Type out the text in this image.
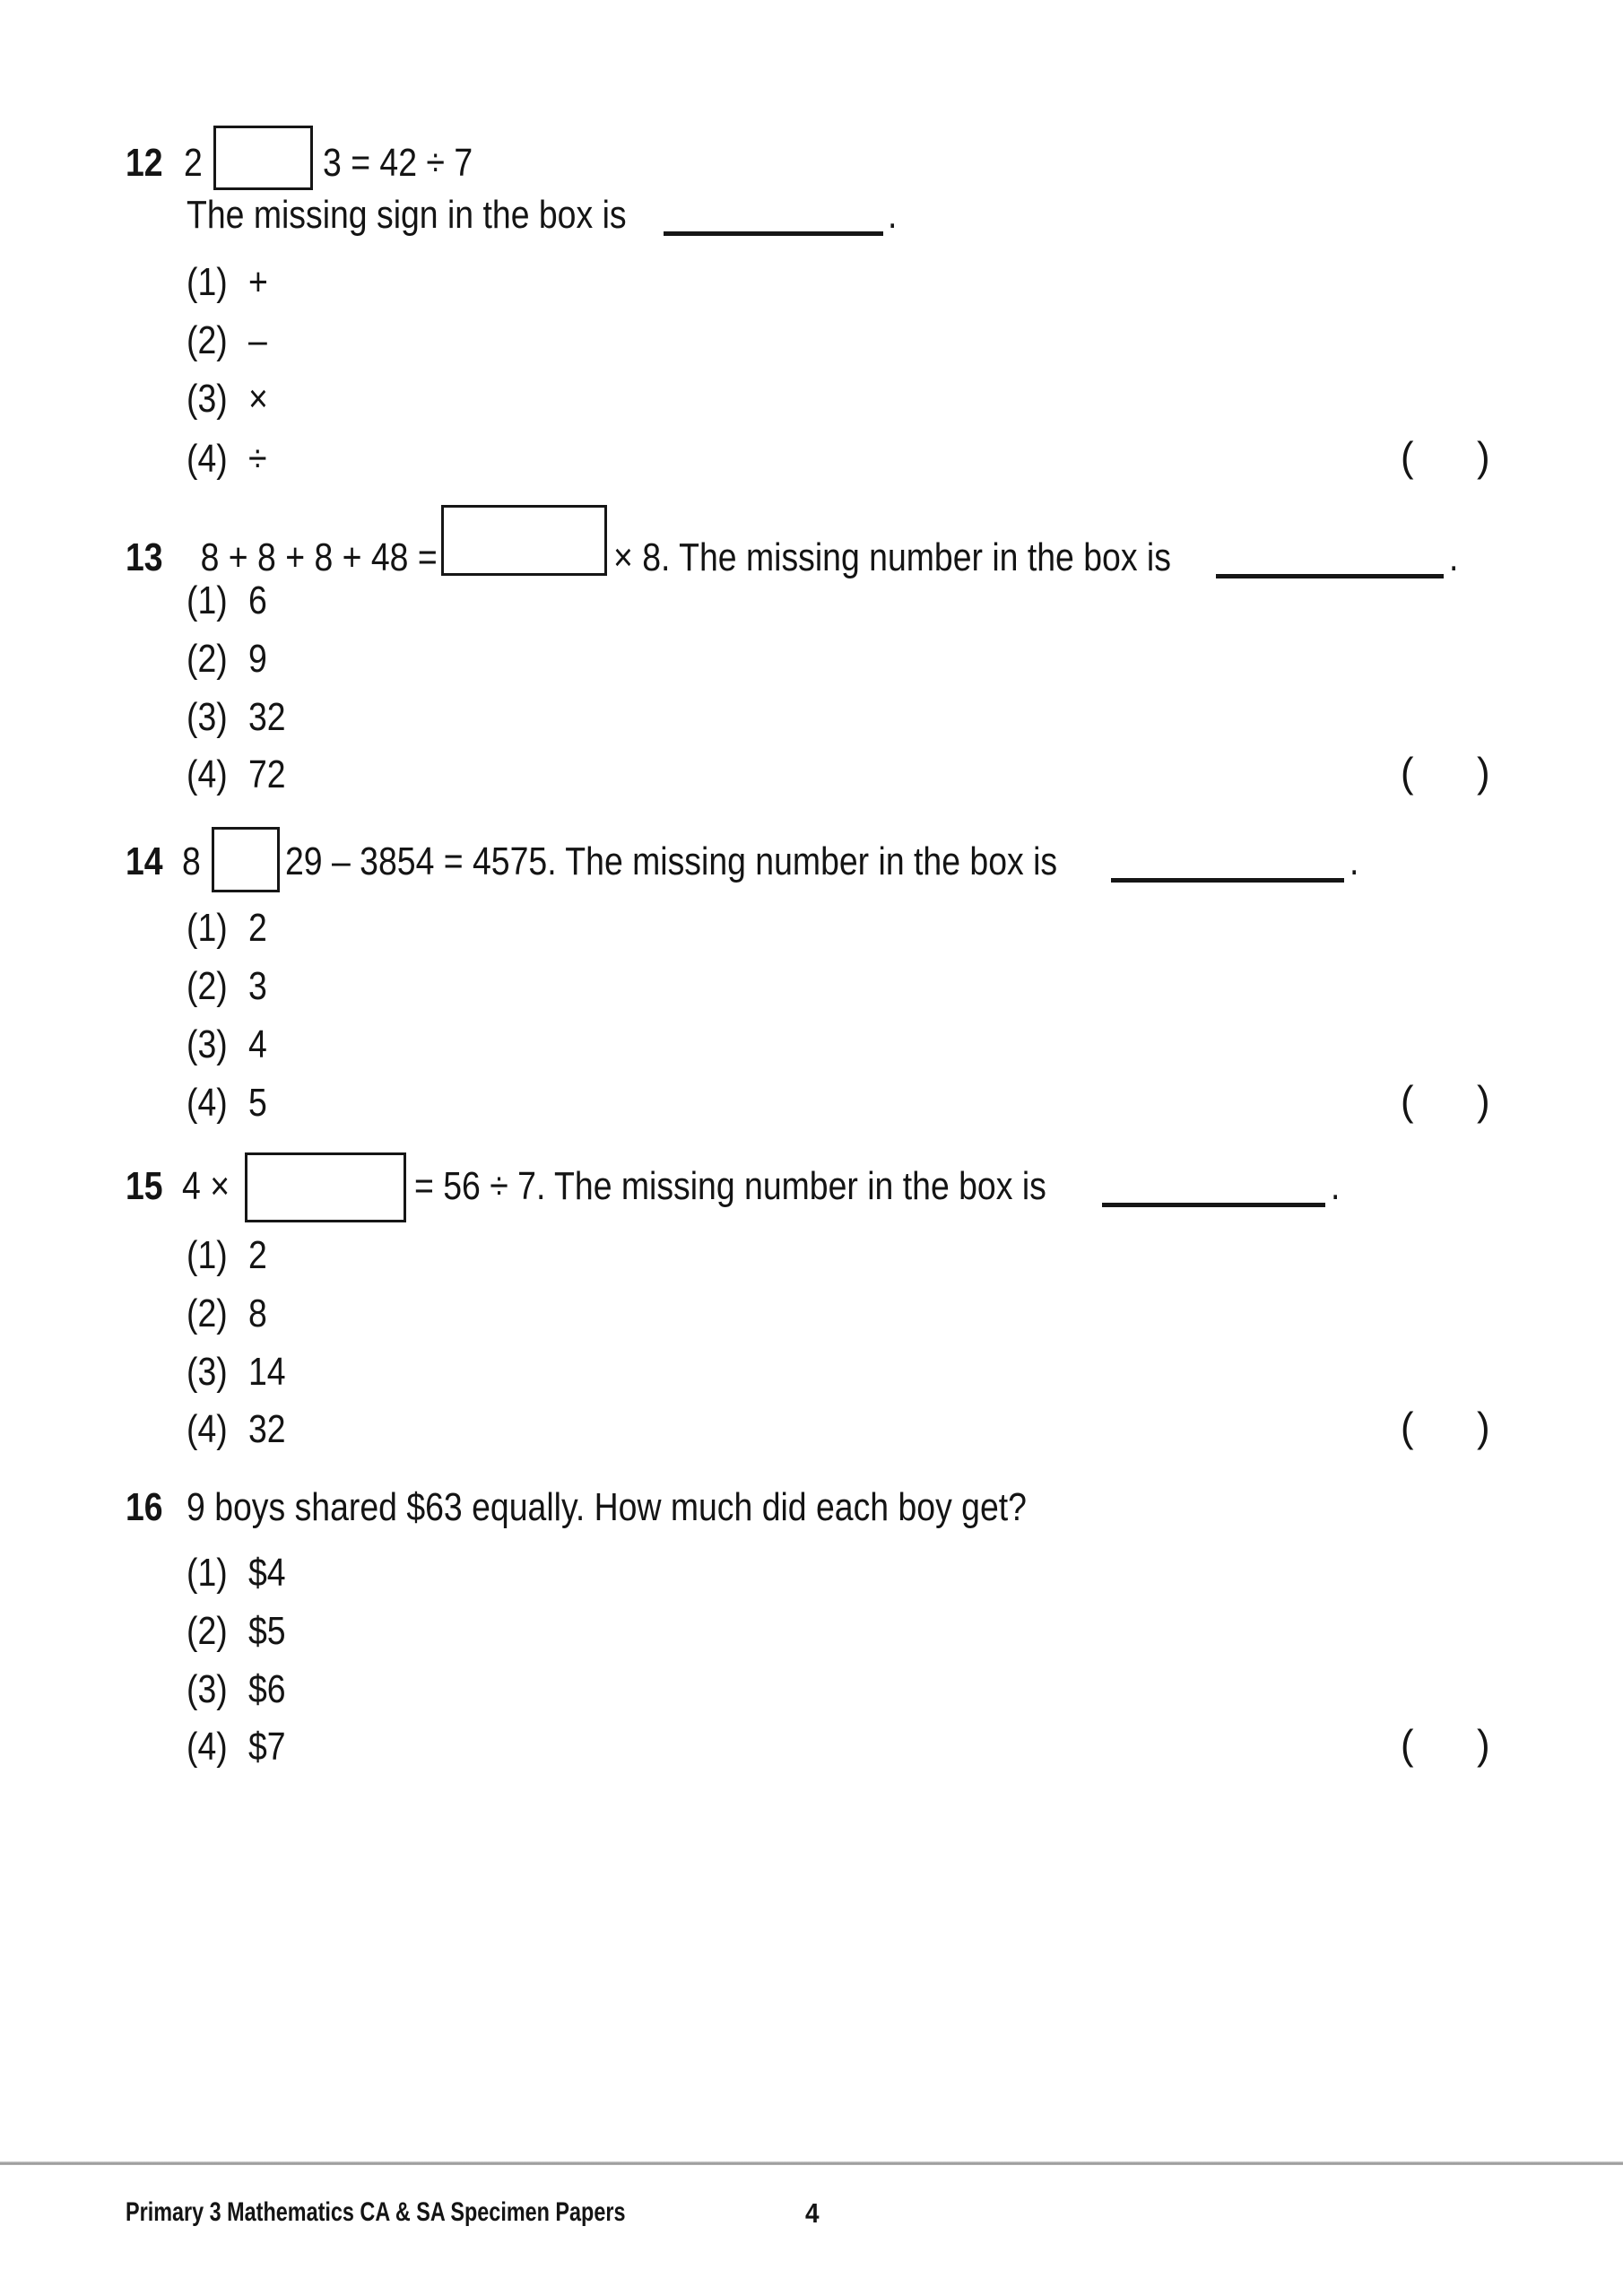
12 2	3 = 42 ÷ 7
The missing sign in the box is	.
(1) +
(2) –
(3) ×
(4) ÷	( )
13 8 + 8 + 8 + 48 =	× 8. The missing number in the box is	.
(1) 6
(2) 9
(3) 32
(4) 72	( )
14 8 29 – 3854 = 4575. The missing number in the box is	.
(1) 2
(2) 3
(3) 4
(4) 5	( )
15 4 ×	= 56 ÷ 7. The missing number in the box is	.
(1) 2
(2) 8
(3) 14
(4) 32	( )
16 9 boys shared $63 equally. How much did each boy get?
(1) $4
(2) $5
(3) $6
(4) $7	( )
Primary 3 Mathematics CA & SA Specimen Papers	4
